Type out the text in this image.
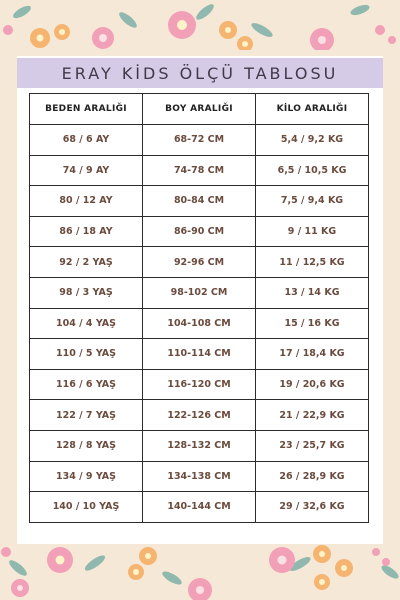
ERAY KİDS ÖLÇÜ TABLOSU
BEDEN ARALIĞI	BOY ARALIĞI	KİLO ARALIĞI
68 / 6 AY	68-72 CM	5,4 / 9,2 KG
74 / 9 AY	74-78 CM	6,5 / 10,5 KG
80 / 12 AY	80-84 CM	7,5 / 9,4 KG
86 / 18 AY	86-90 CM	9 / 11 KG
92 / 2 YAŞ	92-96 CM	11 / 12,5 KG
98 / 3 YAŞ	98-102 CM	13 / 14 KG
104 / 4 YAŞ	104-108 CM	15 / 16 KG
110 / 5 YAŞ	110-114 CM	17 / 18,4 KG
116 / 6 YAŞ	116-120 CM	19 / 20,6 KG
122 / 7 YAŞ	122-126 CM	21 / 22,9 KG
128 / 8 YAŞ	128-132 CM	23 / 25,7 KG
134 / 9 YAŞ	134-138 CM	26 / 28,9 KG
140 / 10 YAŞ	140-144 CM	29 / 32,6 KG
